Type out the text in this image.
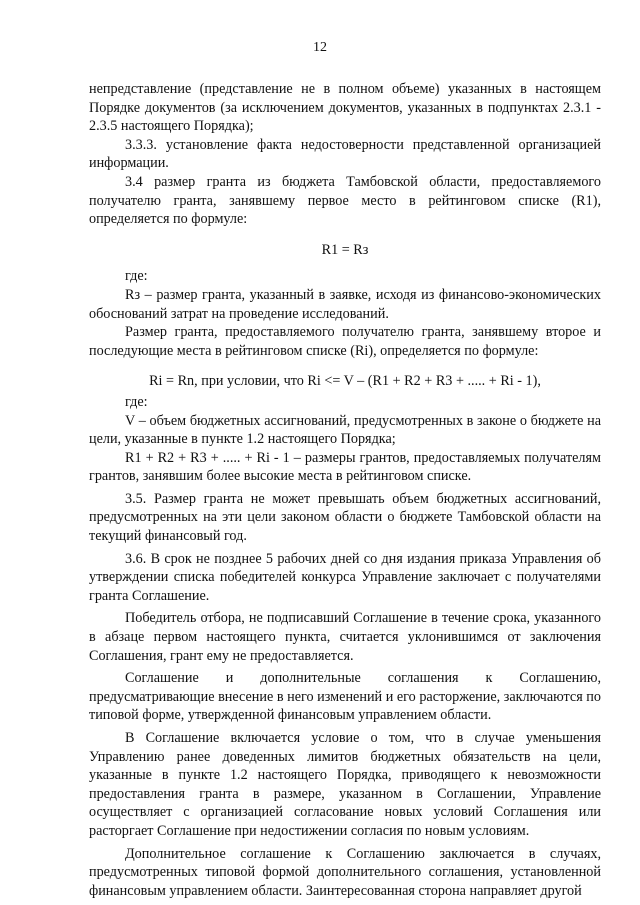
12

непредставление (представление не в полном объеме) указанных в настоящем Порядке документов (за исключением документов, указанных в подпунктах 2.3.1 - 2.3.5 настоящего Порядка);

3.3.3. установление факта недостоверности представленной организацией информации.

3.4 размер гранта из бюджета Тамбовской области, предоставляемого получателю гранта, занявшему первое место в рейтинговом списке (R1), определяется по формуле:

R1 = Rз

где:

Rз – размер гранта, указанный в заявке, исходя из финансово-экономических обоснований затрат на проведение исследований.

Размер гранта, предоставляемого получателю гранта, занявшему второе и последующие места в рейтинговом списке (Ri), определяется по формуле:

Ri = Rn, при условии, что Ri <= V – (R1 + R2 + R3 + ..... + Ri - 1),

где:

V – объем бюджетных ассигнований, предусмотренных в законе о бюджете на цели, указанные в пункте 1.2 настоящего Порядка;

R1 + R2 + R3 + ..... + Ri - 1 – размеры грантов, предоставляемых получателям грантов, занявшим более высокие места в рейтинговом списке.

3.5. Размер гранта не может превышать объем бюджетных ассигнований, предусмотренных на эти цели законом области о бюджете Тамбовской области на текущий финансовый год.

3.6. В срок не позднее 5 рабочих дней со дня издания приказа Управления об утверждении списка победителей конкурса Управление заключает с получателями гранта Соглашение.

Победитель отбора, не подписавший Соглашение в течение срока, указанного в абзаце первом настоящего пункта, считается уклонившимся от заключения Соглашения, грант ему не предоставляется.

Соглашение и дополнительные соглашения к Соглашению, предусматривающие внесение в него изменений и его расторжение, заключаются по типовой форме, утвержденной финансовым управлением области.

В Соглашение включается условие о том, что в случае уменьшения Управлению ранее доведенных лимитов бюджетных обязательств на цели, указанные в пункте 1.2 настоящего Порядка, приводящего к невозможности предоставления гранта в размере, указанном в Соглашении, Управление осуществляет с организацией согласование новых условий Соглашения или расторгает Соглашение при недостижении согласия по новым условиям.

Дополнительное соглашение к Соглашению заключается в случаях, предусмотренных типовой формой дополнительного соглашения, установленной финансовым управлением области. Заинтересованная сторона направляет другой
